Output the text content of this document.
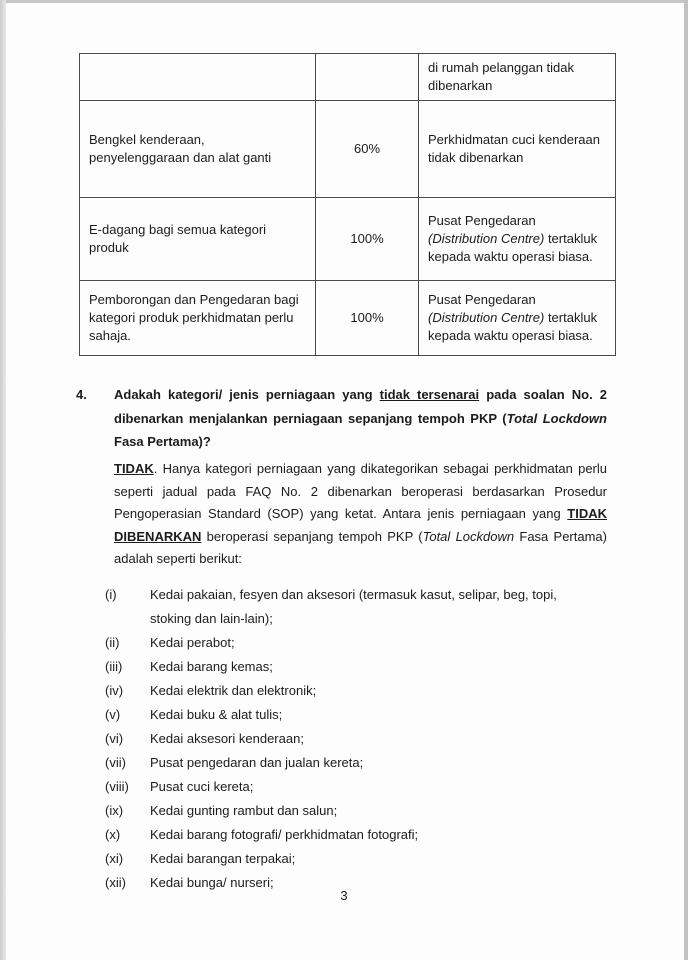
		di rumah pelanggan tidak dibenarkan
Bengkel kenderaan, penyelenggaraan dan alat ganti	60%	Perkhidmatan cuci kenderaan tidak dibenarkan
E-dagang bagi semua kategori produk	100%	Pusat Pengedaran (Distribution Centre) tertakluk kepada waktu operasi biasa.
Pemborongan dan Pengedaran bagi kategori produk perkhidmatan perlu sahaja.	100%	Pusat Pengedaran (Distribution Centre) tertakluk kepada waktu operasi biasa.
4.	Adakah kategori/ jenis perniagaan yang tidak tersenarai pada soalan No. 2 dibenarkan menjalankan perniagaan sepanjang tempoh PKP (Total Lockdown Fasa Pertama)?
TIDAK. Hanya kategori perniagaan yang dikategorikan sebagai perkhidmatan perlu seperti jadual pada FAQ No. 2 dibenarkan beroperasi berdasarkan Prosedur Pengoperasian Standard (SOP) yang ketat. Antara jenis perniagaan yang TIDAK DIBENARKAN beroperasi sepanjang tempoh PKP (Total Lockdown Fasa Pertama) adalah seperti berikut:
(i)	Kedai pakaian, fesyen dan aksesori (termasuk kasut, selipar, beg, topi, stoking dan lain-lain);
(ii)	Kedai perabot;
(iii)	Kedai barang kemas;
(iv)	Kedai elektrik dan elektronik;
(v)	Kedai buku & alat tulis;
(vi)	Kedai aksesori kenderaan;
(vii)	Pusat pengedaran dan jualan kereta;
(viii)	Pusat cuci kereta;
(ix)	Kedai gunting rambut dan salun;
(x)	Kedai barang fotografi/ perkhidmatan fotografi;
(xi)	Kedai barangan terpakai;
(xii)	Kedai bunga/ nurseri;
3
